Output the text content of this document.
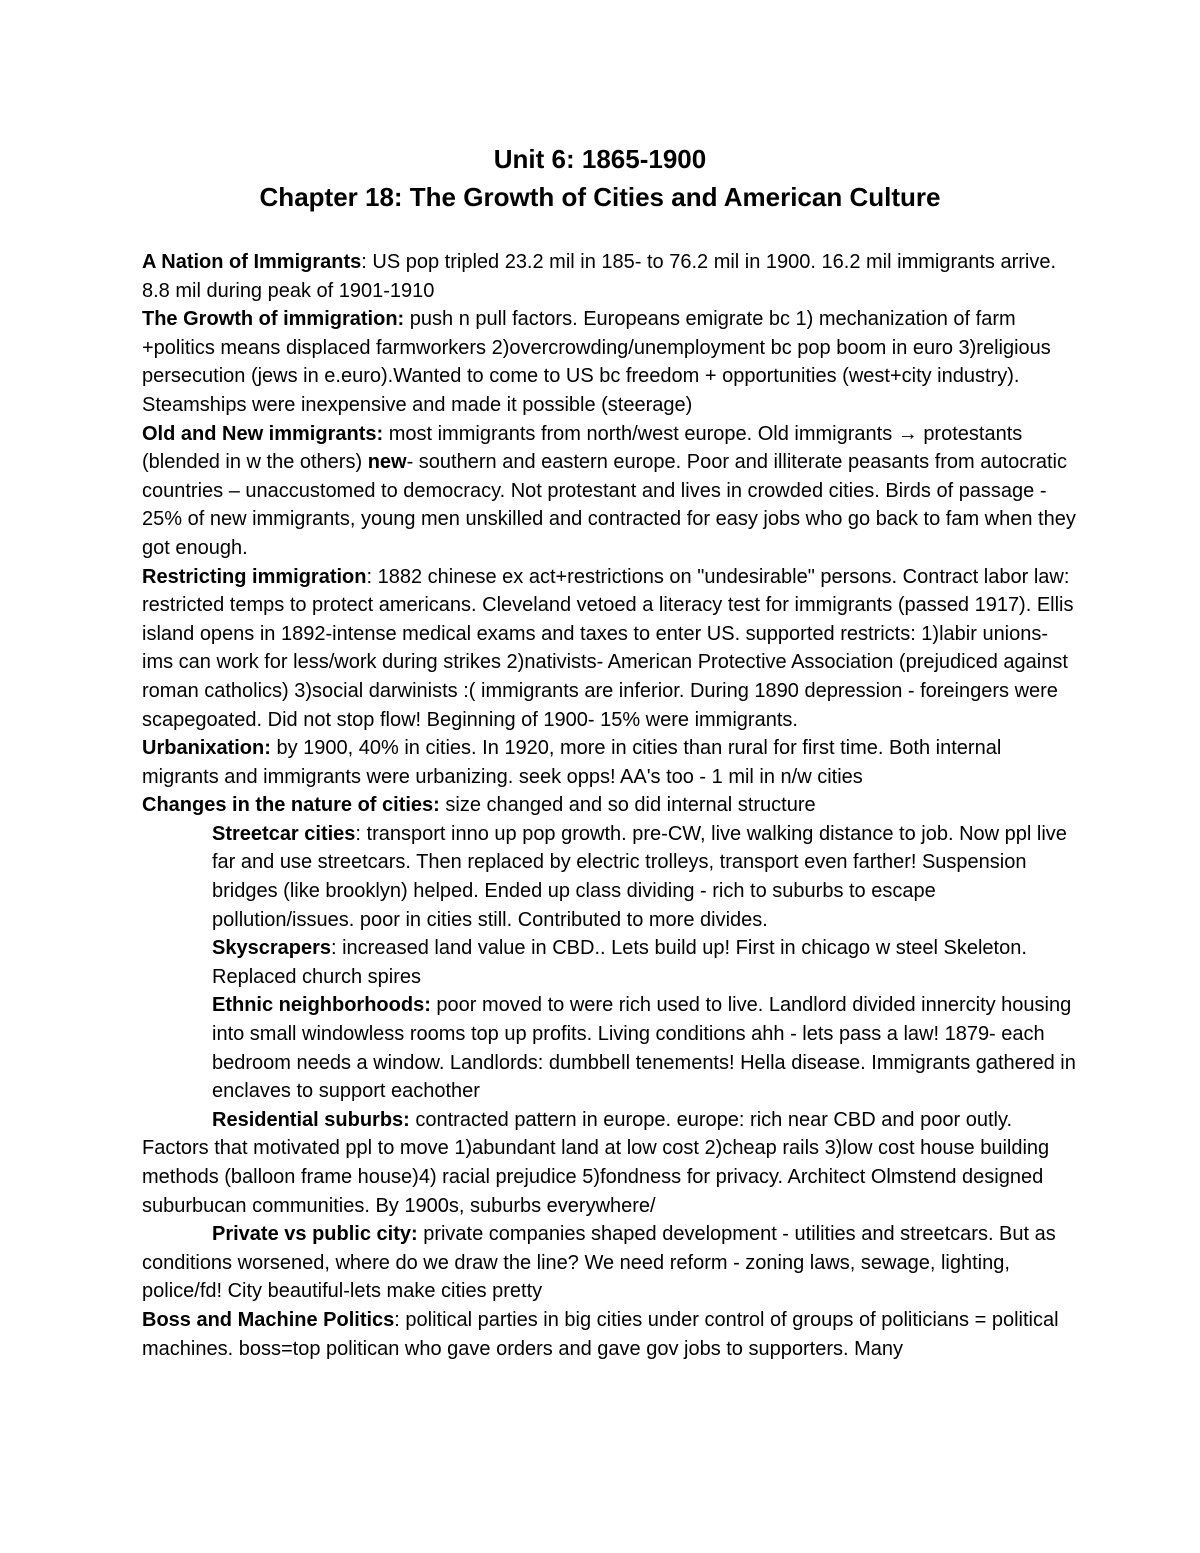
Unit 6: 1865-1900
Chapter 18: The Growth of Cities and American Culture

A Nation of Immigrants: US pop tripled 23.2 mil in 185- to 76.2 mil in 1900. 16.2 mil immigrants arrive. 8.8 mil during peak of 1901-1910

The Growth of immigration: push n pull factors. Europeans emigrate bc 1) mechanization of farm +politics means displaced farmworkers 2)overcrowding/unemployment bc pop boom in euro 3)religious persecution (jews in e.euro).Wanted to come to US bc freedom + opportunities (west+city industry). Steamships were inexpensive and made it possible (steerage)

Old and New immigrants: most immigrants from north/west europe. Old immigrants → protestants (blended in w the others) new- southern and eastern europe. Poor and illiterate peasants from autocratic countries – unaccustomed to democracy. Not protestant and lives in crowded cities. Birds of passage - 25% of new immigrants, young men unskilled and contracted for easy jobs who go back to fam when they got enough.

Restricting immigration: 1882 chinese ex act+restrictions on "undesirable" persons. Contract labor law: restricted temps to protect americans. Cleveland vetoed a literacy test for immigrants (passed 1917). Ellis island opens in 1892-intense medical exams and taxes to enter US. supported restricts: 1)labir unions-ims can work for less/work during strikes 2)nativists- American Protective Association (prejudiced against roman catholics) 3)social darwinists :( immigrants are inferior. During 1890 depression - foreingers were scapegoated. Did not stop flow! Beginning of 1900- 15% were immigrants.

Urbanixation: by 1900, 40% in cities. In 1920, more in cities than rural for first time. Both internal migrants and immigrants were urbanizing. seek opps! AA's too - 1 mil in n/w cities

Changes in the nature of cities: size changed and so did internal structure

Streetcar cities: transport inno up pop growth. pre-CW, live walking distance to job. Now ppl live far and use streetcars. Then replaced by electric trolleys, transport even farther! Suspension bridges (like brooklyn) helped. Ended up class dividing - rich to suburbs to escape pollution/issues. poor in cities still. Contributed to more divides.

Skyscrapers: increased land value in CBD.. Lets build up! First in chicago w steel Skeleton. Replaced church spires

Ethnic neighborhoods: poor moved to were rich used to live. Landlord divided innercity housing into small windowless rooms top up profits. Living conditions ahh - lets pass a law! 1879- each bedroom needs a window. Landlords: dumbbell tenements! Hella disease. Immigrants gathered in enclaves to support eachother

Residential suburbs: contracted pattern in europe. europe: rich near CBD and poor outly. Factors that motivated ppl to move 1)abundant land at low cost 2)cheap rails 3)low cost house building methods (balloon frame house)4) racial prejudice 5)fondness for privacy. Architect Olmstend designed suburbucan communities. By 1900s, suburbs everywhere/

Private vs public city: private companies shaped development - utilities and streetcars. But as conditions worsened, where do we draw the line? We need reform - zoning laws, sewage, lighting, police/fd! City beautiful-lets make cities pretty

Boss and Machine Politics: political parties in big cities under control of groups of politicians = political machines. boss=top politican who gave orders and gave gov jobs to supporters. Many
